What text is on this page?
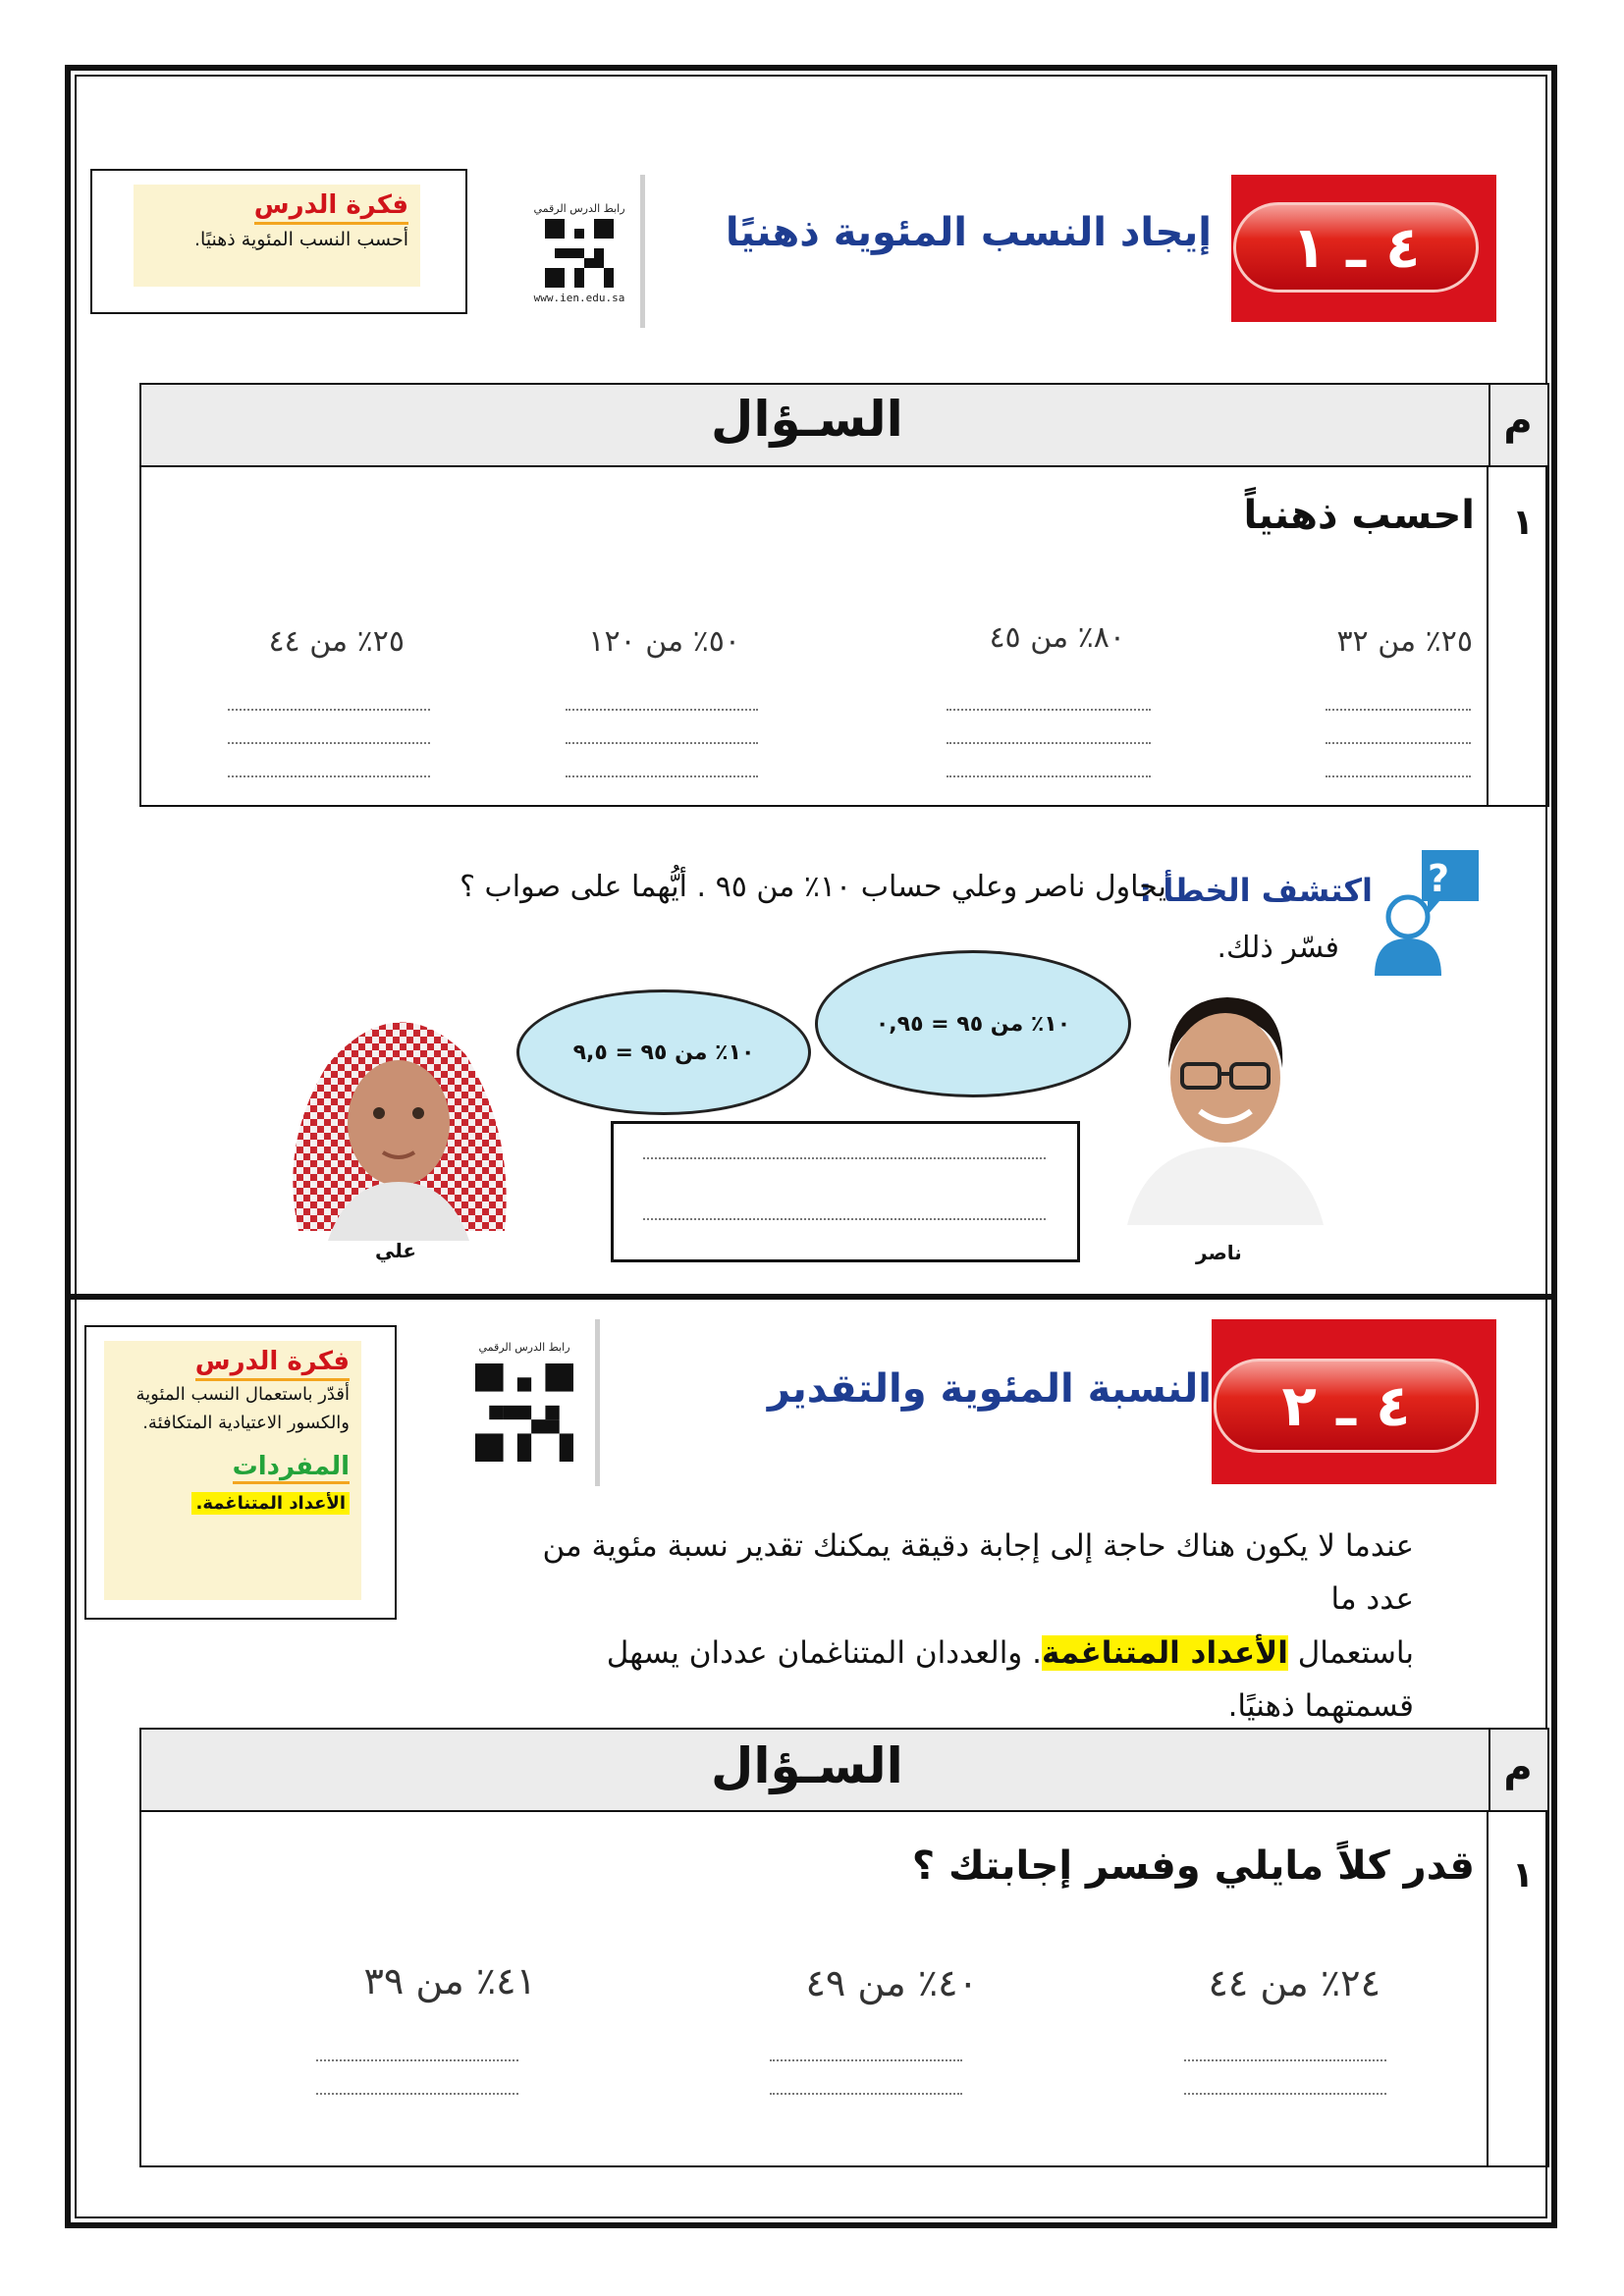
٤ ـ ١
إيجاد النسب المئوية ذهنيًا
رابط الدرس الرقمي
www.ien.edu.sa
فكرة الدرس
أحسب النسب المئوية ذهنيًا.
م
السـؤال
١
احسب ذهنياً
٢٥٪ من ٣٢
٨٠٪ من ٤٥
٥٠٪ من ١٢٠
٢٥٪ من ٤٤
?
اكتشف الخطأ :
يحاول ناصر وعلي حساب ١٠٪ من ٩٥ . أيُّهما على صواب ؟
فسّر ذلك.
١٠٪ من ٩٥ = ٠,٩٥
١٠٪ من ٩٥ = ٩,٥
علي	ناصر
٤ ـ ٢
النسبة المئوية والتقدير
رابط الدرس الرقمي
فكرة الدرس
أقدّر باستعمال النسب المئوية والكسور الاعتيادية المتكافئة.
المفردات
الأعداد المتناغمة.
عندما لا يكون هناك حاجة إلى إجابة دقيقة يمكنك تقدير نسبة مئوية من عدد ما
باستعمال الأعداد المتناغمة. والعددان المتناغمان عددان يسهل قسمتهما ذهنيًا.
م
السـؤال
١
قدر كلاً مايلي وفسر إجابتك ؟
٢٤٪ من ٤٤
٤٠٪ من ٤٩
٤١٪ من ٣٩
